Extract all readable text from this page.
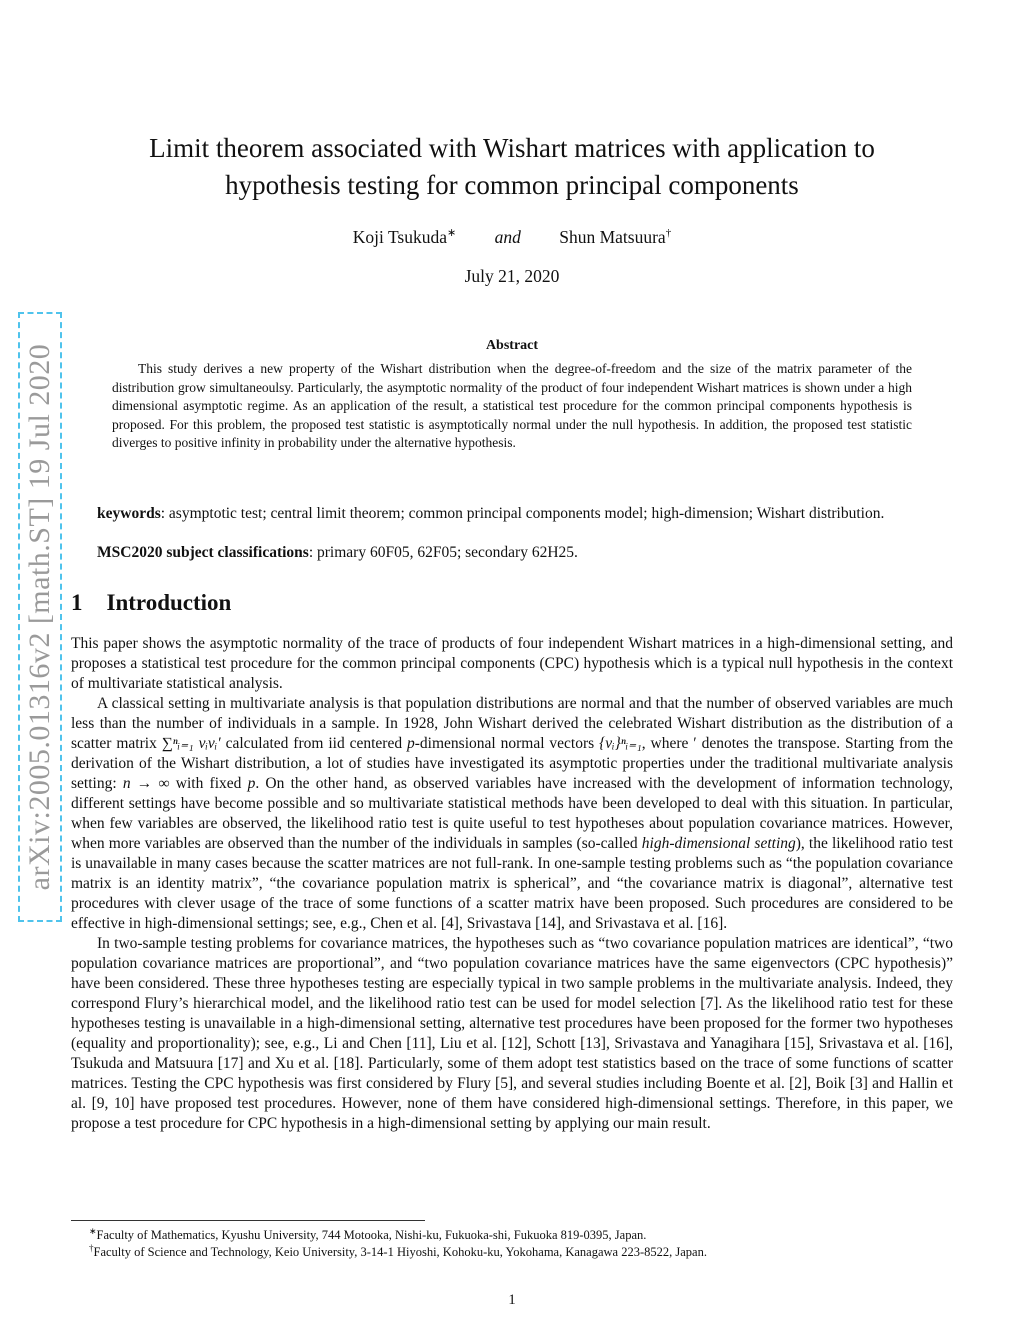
arXiv:2005.01316v2 [math.ST] 19 Jul 2020
Limit theorem associated with Wishart matrices with application to
hypothesis testing for common principal components
Koji Tsukuda∗ and Shun Matsuura†
July 21, 2020
Abstract
This study derives a new property of the Wishart distribution when the degree-of-freedom and the size of the matrix parameter of the distribution grow simultaneoulsy. Particularly, the asymptotic normality of the product of four independent Wishart matrices is shown under a high dimensional asymptotic regime. As an application of the result, a statistical test procedure for the common principal components hypothesis is proposed. For this problem, the proposed test statistic is asymptotically normal under the null hypothesis. In addition, the proposed test statistic diverges to positive infinity in probability under the alternative hypothesis.
keywords: asymptotic test; central limit theorem; common principal components model; high-dimension; Wishart distribution.
MSC2020 subject classifications: primary 60F05, 62F05; secondary 62H25.
1 Introduction

This paper shows the asymptotic normality of the trace of products of four independent Wishart matrices in a high-dimensional setting, and proposes a statistical test procedure for the common principal components (CPC) hypothesis which is a typical null hypothesis in the context of multivariate statistical analysis.

A classical setting in multivariate analysis is that population distributions are normal and that the number of observed variables are much less than the number of individuals in a sample. In 1928, John Wishart derived the celebrated Wishart distribution as the distribution of a scatter matrix ∑ⁿᵢ₌₁ vᵢvᵢ′ calculated from iid centered p-dimensional normal vectors {vᵢ}ⁿᵢ₌₁, where ′ denotes the transpose. Starting from the derivation of the Wishart distribution, a lot of studies have investigated its asymptotic properties under the traditional multivariate analysis setting: n → ∞ with fixed p. On the other hand, as observed variables have increased with the development of information technology, different settings have become possible and so multivariate statistical methods have been developed to deal with this situation. In particular, when few variables are observed, the likelihood ratio test is quite useful to test hypotheses about population covariance matrices. However, when more variables are observed than the number of the individuals in samples (so-called high-dimensional setting), the likelihood ratio test is unavailable in many cases because the scatter matrices are not full-rank. In one-sample testing problems such as “the population covariance matrix is an identity matrix”, “the covariance population matrix is spherical”, and “the covariance matrix is diagonal”, alternative test procedures with clever usage of the trace of some functions of a scatter matrix have been proposed. Such procedures are considered to be effective in high-dimensional settings; see, e.g., Chen et al. [4], Srivastava [14], and Srivastava et al. [16].

In two-sample testing problems for covariance matrices, the hypotheses such as “two covariance population matrices are identical”, “two population covariance matrices are proportional”, and “two population covariance matrices have the same eigenvectors (CPC hypothesis)” have been considered. These three hypotheses testing are especially typical in two sample problems in the multivariate analysis. Indeed, they correspond Flury’s hierarchical model, and the likelihood ratio test can be used for model selection [7]. As the likelihood ratio test for these hypotheses testing is unavailable in a high-dimensional setting, alternative test procedures have been proposed for the former two hypotheses (equality and proportionality); see, e.g., Li and Chen [11], Liu et al. [12], Schott [13], Srivastava and Yanagihara [15], Srivastava et al. [16], Tsukuda and Matsuura [17] and Xu et al. [18]. Particularly, some of them adopt test statistics based on the trace of some functions of scatter matrices. Testing the CPC hypothesis was first considered by Flury [5], and several studies including Boente et al. [2], Boik [3] and Hallin et al. [9, 10] have proposed test procedures. However, none of them have considered high-dimensional settings. Therefore, in this paper, we propose a test procedure for CPC hypothesis in a high-dimensional setting by applying our main result.

∗Faculty of Mathematics, Kyushu University, 744 Motooka, Nishi-ku, Fukuoka-shi, Fukuoka 819-0395, Japan.
†Faculty of Science and Technology, Keio University, 3-14-1 Hiyoshi, Kohoku-ku, Yokohama, Kanagawa 223-8522, Japan.
1
